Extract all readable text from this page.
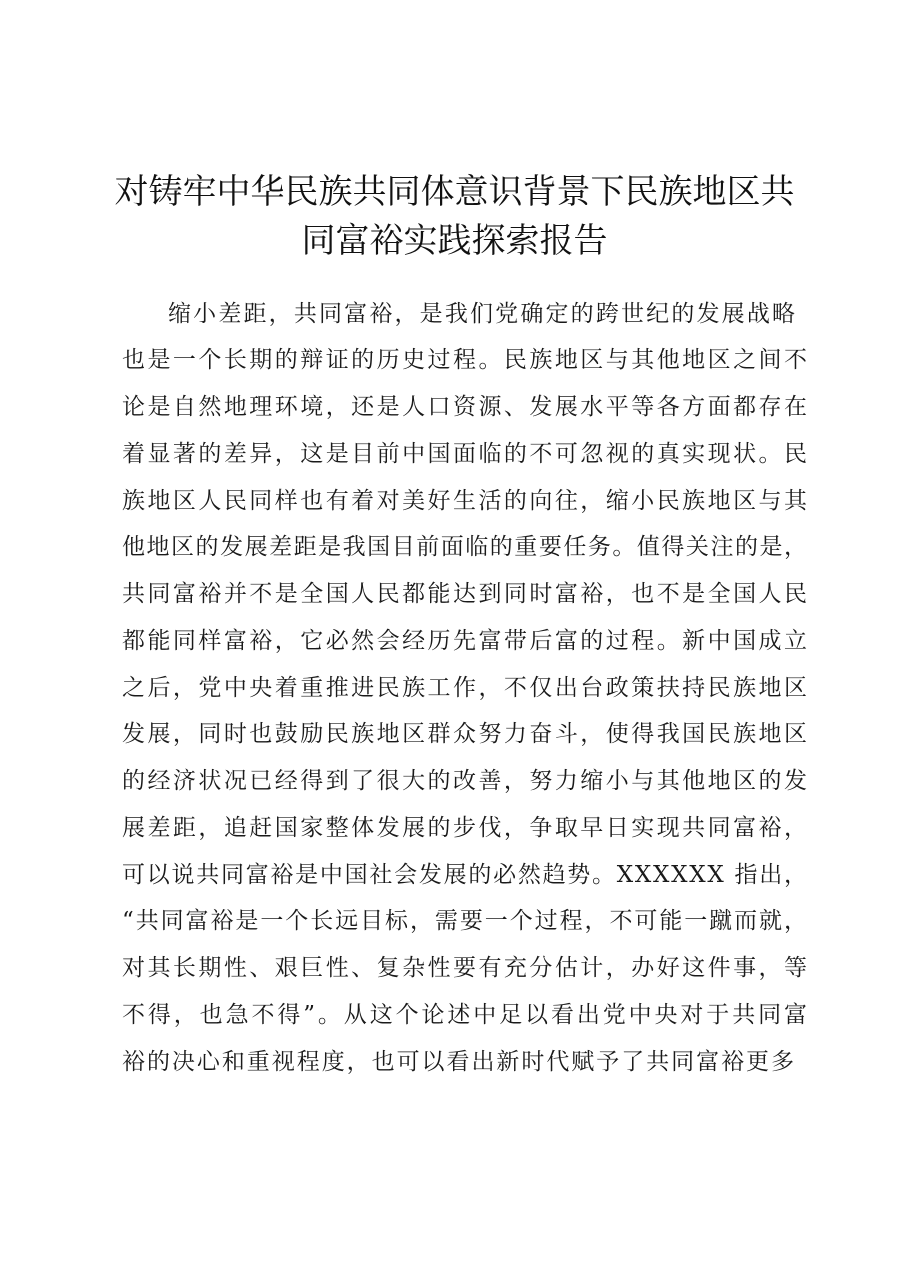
对铸牢中华民族共同体意识背景下民族地区共
同富裕实践探索报告
缩小差距，共同富裕，是我们党确定的跨世纪的发展战略
也是一个长期的辩证的历史过程。民族地区与其他地区之间不
论是自然地理环境，还是人口资源、发展水平等各方面都存在
着显著的差异，这是目前中国面临的不可忽视的真实现状。民
族地区人民同样也有着对美好生活的向往，缩小民族地区与其
他地区的发展差距是我国目前面临的重要任务。值得关注的是，
共同富裕并不是全国人民都能达到同时富裕，也不是全国人民
都能同样富裕，它必然会经历先富带后富的过程。新中国成立
之后，党中央着重推进民族工作，不仅出台政策扶持民族地区
发展，同时也鼓励民族地区群众努力奋斗，使得我国民族地区
的经济状况已经得到了很大的改善，努力缩小与其他地区的发
展差距，追赶国家整体发展的步伐，争取早日实现共同富裕，
可以说共同富裕是中国社会发展的必然趋势。XXXXXX 指出，
“共同富裕是一个长远目标，需要一个过程，不可能一蹴而就，
对其长期性、艰巨性、复杂性要有充分估计，办好这件事，等
不得，也急不得”。从这个论述中足以看出党中央对于共同富
裕的决心和重视程度，也可以看出新时代赋予了共同富裕更多
